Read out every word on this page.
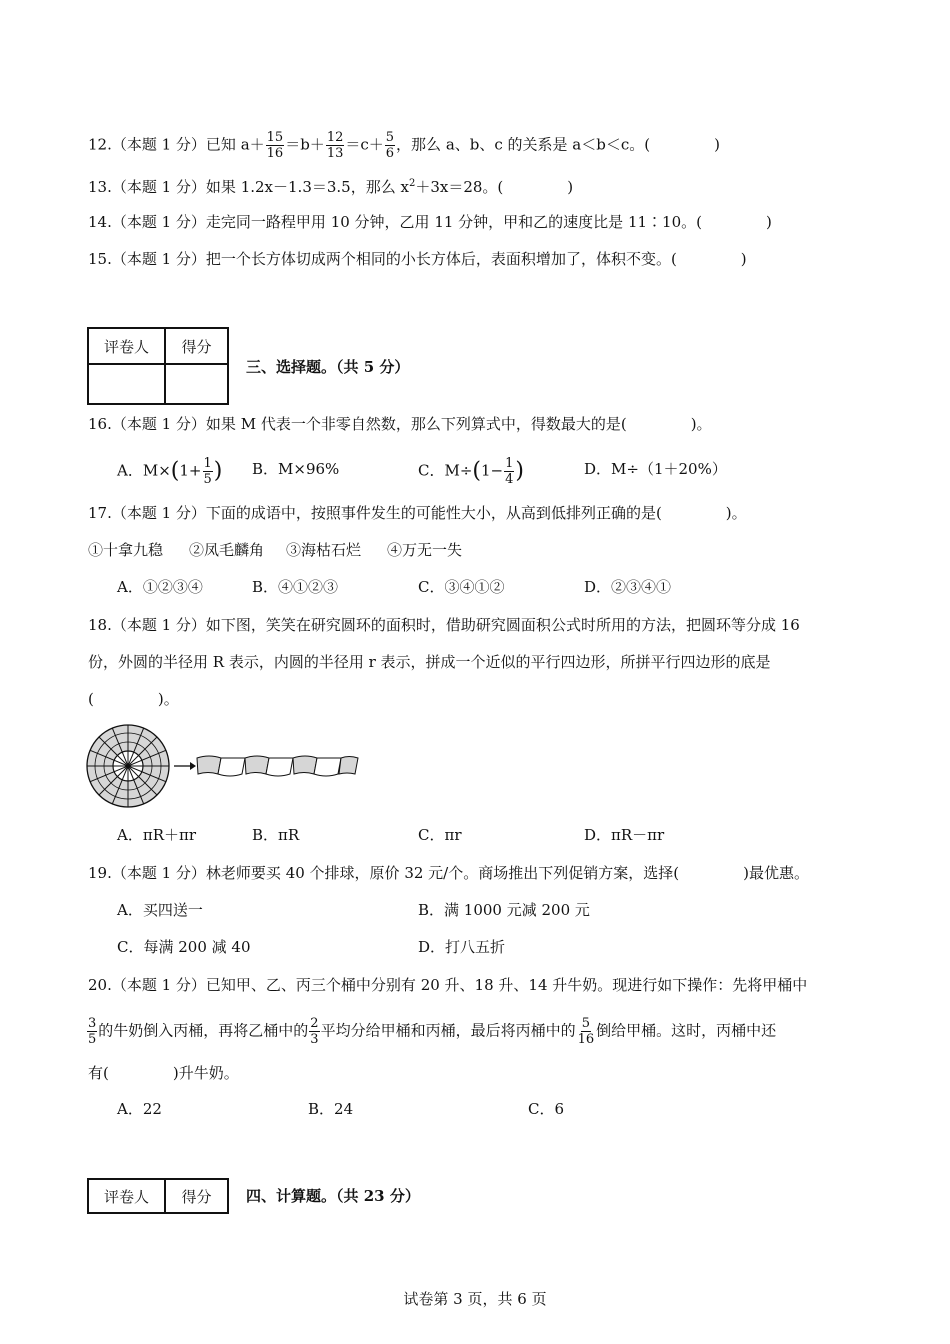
12.（本题 1 分）已知 $a+ \frac{15}{16} =b+ \frac{12}{13} =c+ \frac{5}{6}$ ，那么 a、b、c 的关系是 a＜b＜c。(	)
13.（本题 1 分）如果 1.2x－1.3＝3.5，那么 $x^2+3x=28$。(	)
14.（本题 1 分）走完同一路程甲用 10 分钟，乙用 11 分钟，甲和乙的速度比是 11∶10。(	)
15.（本题 1 分）把一个长方体切成两个相同的小长方体后，表面积增加了，体积不变。(	)
评卷人	得分

三、选择题。（共 5 分）
16.（本题 1 分）如果 M 代表一个非零自然数，那么下列算式中，得数最大的是(	)。
A．$M\times(1+ \frac{1}{5}$ ) B．M×96%	C．$M\div(1- \frac{1}{4}$ )	D．M÷（1＋20%）
17.（本题 1 分）下面的成语中，按照事件发生的可能性大小，从高到低排列正确的是(	)。
①十拿九稳 ②凤毛麟角 ③海枯石烂 ④万无一失
A．①②③④	B．④①②③	C．③④①②	D．②③④①
18.（本题 1 分）如下图，笑笑在研究圆环的面积时，借助研究圆面积公式时所用的方法，把圆环等分成 16
份，外圆的半径用 R 表示，内圆的半径用 r 表示，拼成一个近似的平行四边形，所拼平行四边形的底是
(	)。
A．πR＋πr	B．πR	C．πr	D．πR－πr
19.（本题 1 分）林老师要买 40 个排球，原价 32 元/个。商场推出下列促销方案，选择(	)最优惠。
A．买四送一	B．满 1000 元减 200 元
C．每满 200 减 40	D．打八五折
20.（本题 1 分）已知甲、乙、丙三个桶中分别有 20 升、18 升、14 升牛奶。现进行如下操作：先将甲桶中
$\frac{3}{5}$ 的牛奶倒入丙桶，再将乙桶中的 $\frac{2}{3}$ 平均分给甲桶和丙桶，最后将丙桶中的 $\frac{5}{16}$ 倒给甲桶。这时，丙桶中还
有(	)升牛奶。
A．22	B．24	C．6
评卷人	得分 四、计算题。（共 23 分）
试卷第 3 页，共 6 页
